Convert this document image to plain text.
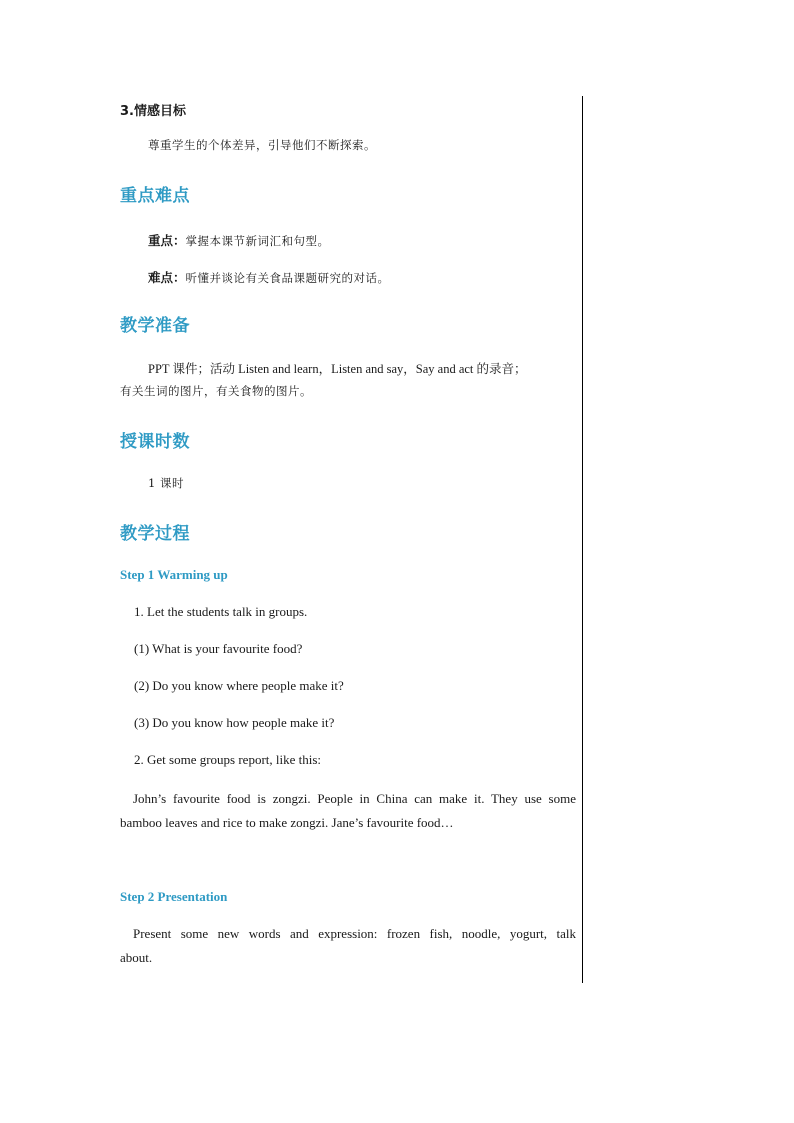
3.情感目标
尊重学生的个体差异，引导他们不断探索。
重点难点
重点：掌握本课节新词汇和句型。
难点：听懂并谈论有关食品课题研究的对话。
教学准备
PPT 课件；活动 Listen and learn，Listen and say，Say and act 的录音；
有关生词的图片，有关食物的图片。
授课时数
1 课时
教学过程
Step 1 Warming up
1. Let the students talk in groups.
(1) What is your favourite food?
(2) Do you know where people make it?
(3) Do you know how people make it?
2. Get some groups report, like this:
John’s favourite food is zongzi. People in China can make it. They use some
bamboo leaves and rice to make zongzi. Jane’s favourite food…
Step 2 Presentation
Present some new words and expression: frozen fish, noodle, yogurt, talk
about.
